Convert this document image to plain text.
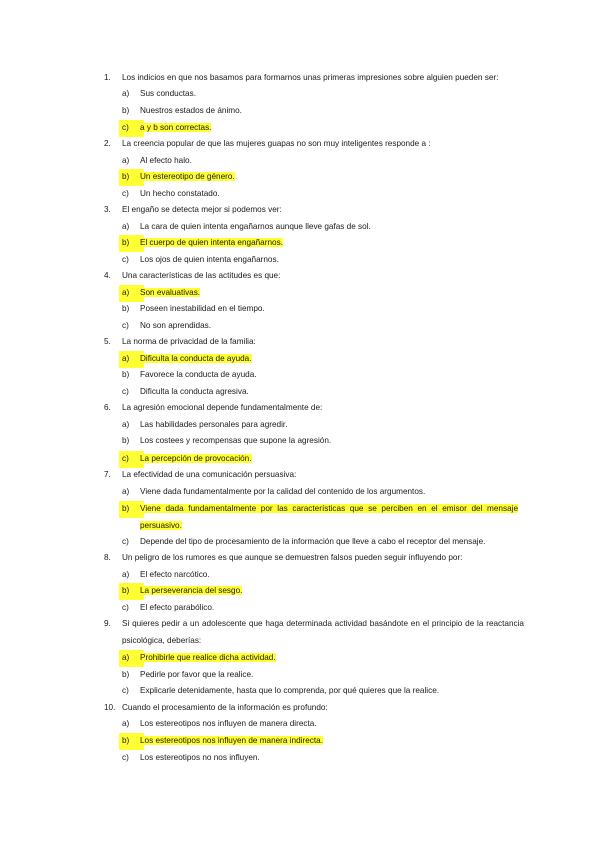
1.	Los indicios en que nos basamos para formarnos unas primeras impresiones sobre alguien pueden ser:
a)	Sus conductas.
b)	Nuestros estados de ánimo.
c)	a y b son correctas.
2.	La creencia popular de que las mujeres guapas no son muy inteligentes responde a :
a)	Al efecto halo.
b)	Un estereotipo de género.
c)	Un hecho constatado.
3.	El engaño se detecta mejor si podemos ver:
a)	La cara de quien intenta engañarnos aunque lleve gafas de sol.
b)	El cuerpo de quien intenta engañarnos.
c)	Los ojos de quien intenta engañarnos.
4.	Una características de las actitudes es que:
a)	Son evaluativas.
b)	Poseen inestabilidad en el tiempo.
c)	No son aprendidas.
5.	La norma de privacidad de la familia:
a)	Dificulta la conducta de ayuda.
b)	Favorece la conducta de ayuda.
c)	Dificulta la conducta agresiva.
6.	La agresión emocional depende fundamentalmente de:
a)	Las habilidades personales para agredir.
b)	Los costees y recompensas que supone la agresión.
c)	La percepción de provocación.
7.	La efectividad de una comunicación persuasiva:
a)	Viene dada fundamentalmente por la calidad del contenido de los argumentos.
b)	Viene dada fundamentalmente por las características que se perciben en el emisor del mensaje persuasivo.
c)	Depende del tipo de procesamiento de la información que lleve a cabo el receptor del mensaje.
8.	Un peligro de los rumores es que aunque se demuestren falsos pueden seguir influyendo por:
a)	El efecto narcótico.
b)	La perseverancia del sesgo.
c)	El efecto parabólico.
9.	Si quieres pedir a un adolescente que haga determinada actividad basándote en el principio de la reactancia psicológica, deberías:
a)	Prohibirle que realice dicha actividad.
b)	Pedirle por favor que la realice.
c)	Explicarle detenidamente, hasta que lo comprenda, por qué quieres que la realice.
10. Cuando el procesamiento de la información es profundo:
a)	Los estereotipos nos influyen de manera directa.
b)	Los estereotipos nos influyen de manera indirecta.
c)	Los estereotipos no nos influyen.
